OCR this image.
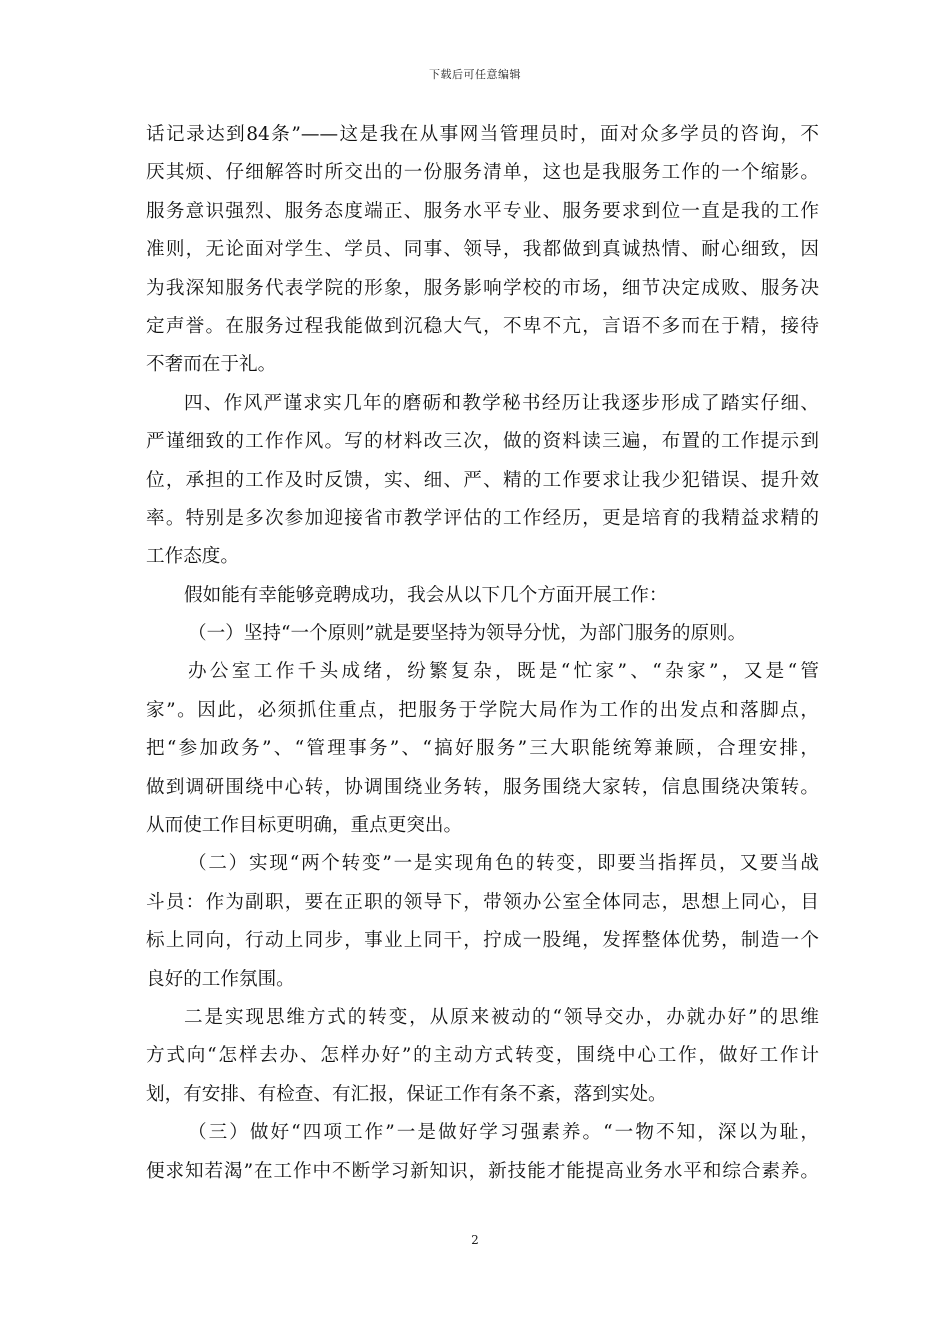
下载后可任意编辑
话记录达到84条”——这是我在从事网当管理员时，面对众多学员的咨询，不
厌其烦、仔细解答时所交出的一份服务清单，这也是我服务工作的一个缩影。
服务意识强烈、服务态度端正、服务水平专业、服务要求到位一直是我的工作
准则，无论面对学生、学员、同事、领导，我都做到真诚热情、耐心细致，因
为我深知服务代表学院的形象，服务影响学校的市场，细节决定成败、服务决
定声誉。在服务过程我能做到沉稳大气，不卑不亢，言语不多而在于精，接待
不奢而在于礼。
四、作风严谨求实几年的磨砺和教学秘书经历让我逐步形成了踏实仔细、
严谨细致的工作作风。写的材料改三次，做的资料读三遍，布置的工作提示到
位，承担的工作及时反馈，实、细、严、精的工作要求让我少犯错误、提升效
率。特别是多次参加迎接省市教学评估的工作经历，更是培育的我精益求精的
工作态度。
假如能有幸能够竞聘成功，我会从以下几个方面开展工作：
（一）坚持“一个原则”就是要坚持为领导分忧，为部门服务的原则。
办公室工作千头成绪，纷繁复杂，既是“忙家”、“杂家”，又是“管
家”。因此，必须抓住重点，把服务于学院大局作为工作的出发点和落脚点，
把“参加政务”、“管理事务”、“搞好服务”三大职能统筹兼顾，合理安排，
做到调研围绕中心转，协调围绕业务转，服务围绕大家转，信息围绕决策转。
从而使工作目标更明确，重点更突出。
（二）实现“两个转变”一是实现角色的转变，即要当指挥员，又要当战
斗员：作为副职，要在正职的领导下，带领办公室全体同志，思想上同心，目
标上同向，行动上同步，事业上同干，拧成一股绳，发挥整体优势，制造一个
良好的工作氛围。
二是实现思维方式的转变，从原来被动的“领导交办，办就办好”的思维
方式向“怎样去办、怎样办好”的主动方式转变，围绕中心工作，做好工作计
划，有安排、有检查、有汇报，保证工作有条不紊，落到实处。
（三）做好“四项工作”一是做好学习强素养。“一物不知，深以为耻，
便求知若渴”在工作中不断学习新知识，新技能才能提高业务水平和综合素养。
2
